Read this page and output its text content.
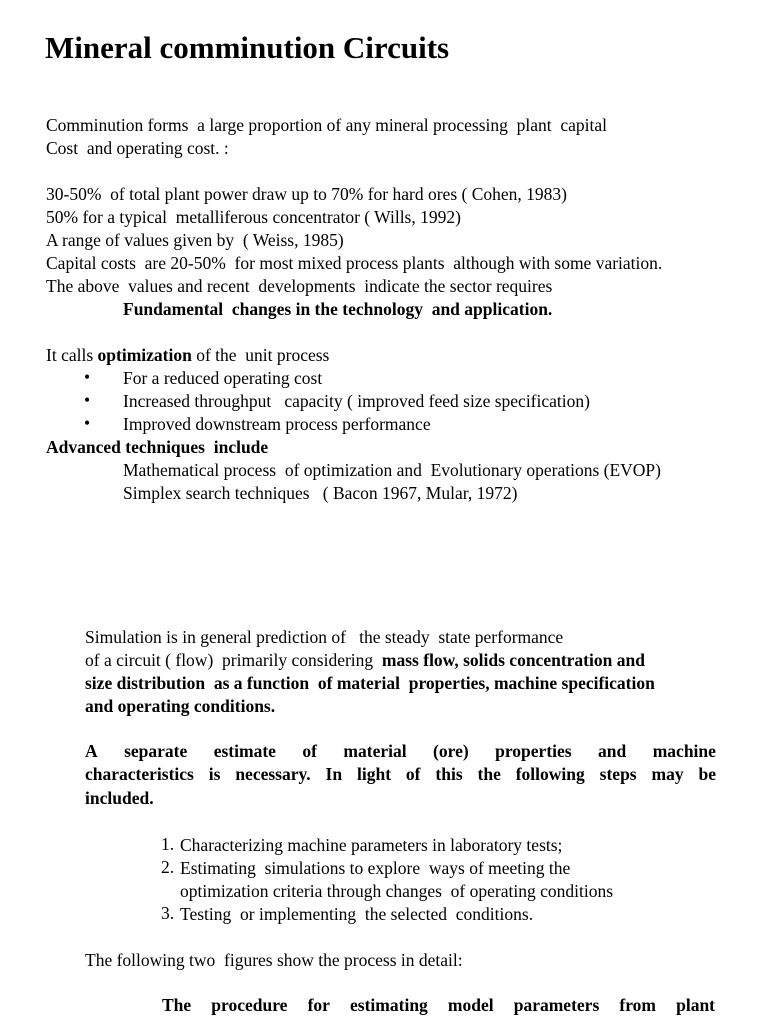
Mineral comminution Circuits
Comminution forms  a large proportion of any mineral processing  plant  capital
Cost  and operating cost. :
30-50%  of total plant power draw up to 70% for hard ores ( Cohen, 1983)
50% for a typical  metalliferous concentrator ( Wills, 1992)
A range of values given by  ( Weiss, 1985)
Capital costs  are 20-50%  for most mixed process plants  although with some variation.
The above  values and recent  developments  indicate the sector requires
Fundamental  changes in the technology  and application.
It calls optimization of the  unit process
• For a reduced operating cost
• Increased throughput   capacity ( improved feed size specification)
• Improved downstream process performance
Advanced techniques  include
Mathematical process  of optimization and  Evolutionary operations (EVOP)
Simplex search techniques   ( Bacon 1967, Mular, 1972)
Simulation is in general prediction of   the steady  state performance
of a circuit ( flow)  primarily considering  mass flow, solids concentration and
size distribution  as a function  of material  properties, machine specification
and operating conditions.
A separate estimate of material (ore) properties and machine
characteristics is necessary. In light of this the following steps may be
included.
1. Characterizing machine parameters in laboratory tests;
2. Estimating  simulations to explore  ways of meeting the
optimization criteria through changes  of operating conditions
3. Testing  or implementing  the selected  conditions.
The following two  figures show the process in detail:
The procedure for estimating model parameters from plant
